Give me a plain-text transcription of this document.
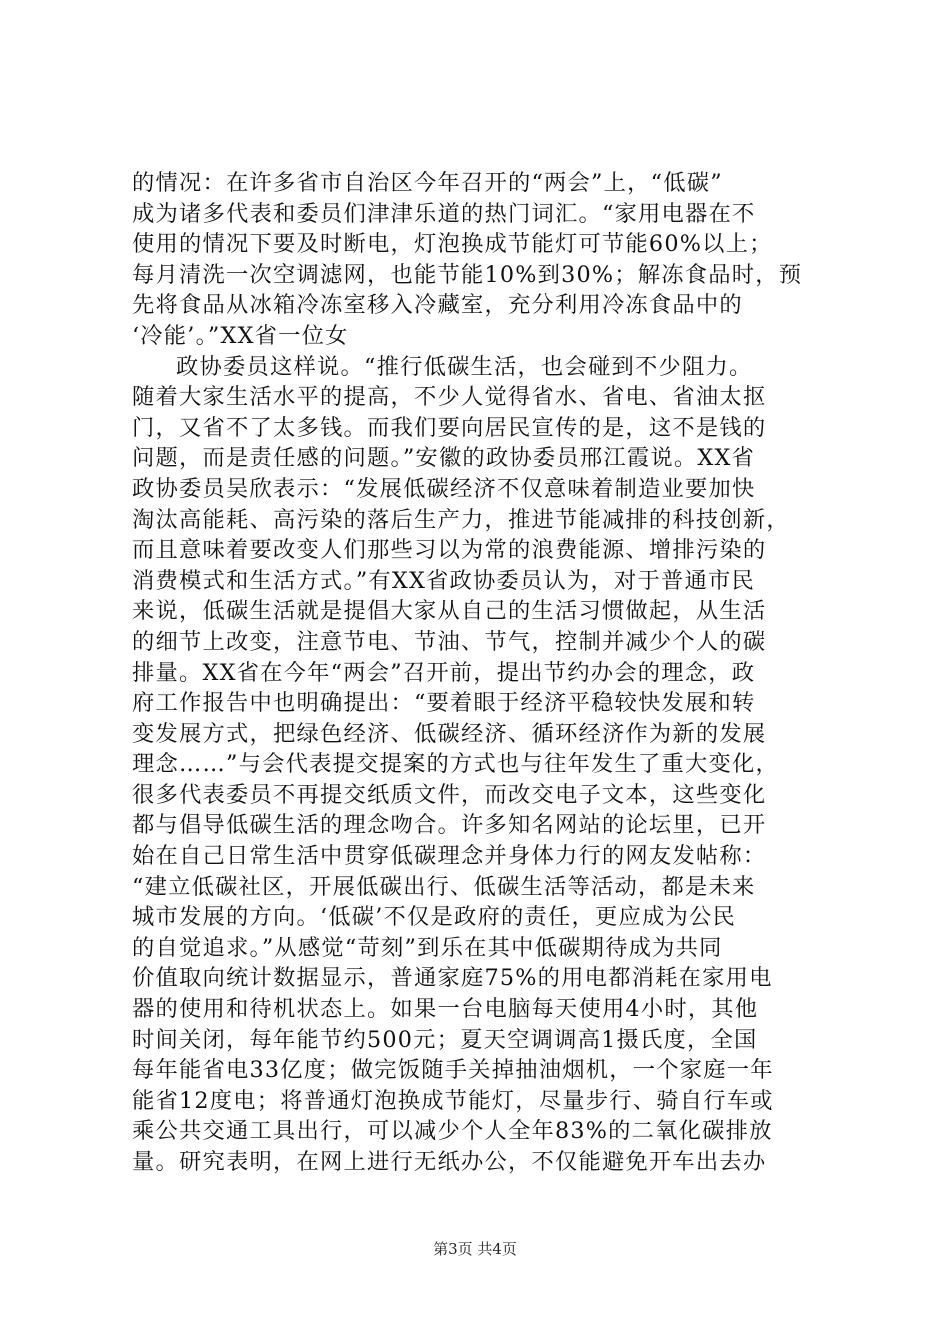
的情况：在许多省市自治区今年召开的“两会”上，“低碳”
成为诸多代表和委员们津津乐道的热门词汇。“家用电器在不
使用的情况下要及时断电，灯泡换成节能灯可节能60%以上；
每月清洗一次空调滤网，也能节能10%到30%；解冻食品时，预
先将食品从冰箱冷冻室移入冷藏室，充分利用冷冻食品中的
‘冷能’。”XX省一位女
政协委员这样说。“推行低碳生活，也会碰到不少阻力。
随着大家生活水平的提高，不少人觉得省水、省电、省油太抠
门，又省不了太多钱。而我们要向居民宣传的是，这不是钱的
问题，而是责任感的问题。”安徽的政协委员邢江霞说。XX省
政协委员吴欣表示：“发展低碳经济不仅意味着制造业要加快
淘汰高能耗、高污染的落后生产力，推进节能减排的科技创新，
而且意味着要改变人们那些习以为常的浪费能源、增排污染的
消费模式和生活方式。”有XX省政协委员认为，对于普通市民
来说，低碳生活就是提倡大家从自己的生活习惯做起，从生活
的细节上改变，注意节电、节油、节气，控制并减少个人的碳
排量。XX省在今年“两会”召开前，提出节约办会的理念，政
府工作报告中也明确提出：“要着眼于经济平稳较快发展和转
变发展方式，把绿色经济、低碳经济、循环经济作为新的发展
理念……”与会代表提交提案的方式也与往年发生了重大变化，
很多代表委员不再提交纸质文件，而改交电子文本，这些变化
都与倡导低碳生活的理念吻合。许多知名网站的论坛里，已开
始在自己日常生活中贯穿低碳理念并身体力行的网友发帖称：
“建立低碳社区，开展低碳出行、低碳生活等活动，都是未来
城市发展的方向。‘低碳’不仅是政府的责任，更应成为公民
的自觉追求。”从感觉“苛刻”到乐在其中低碳期待成为共同
价值取向统计数据显示，普通家庭75%的用电都消耗在家用电
器的使用和待机状态上。如果一台电脑每天使用4小时，其他
时间关闭，每年能节约500元；夏天空调调高1摄氏度，全国
每年能省电33亿度；做完饭随手关掉抽油烟机，一个家庭一年
能省12度电；将普通灯泡换成节能灯，尽量步行、骑自行车或
乘公共交通工具出行，可以减少个人全年83%的二氧化碳排放
量。研究表明，在网上进行无纸办公，不仅能避免开车出去办
第3页 共4页
